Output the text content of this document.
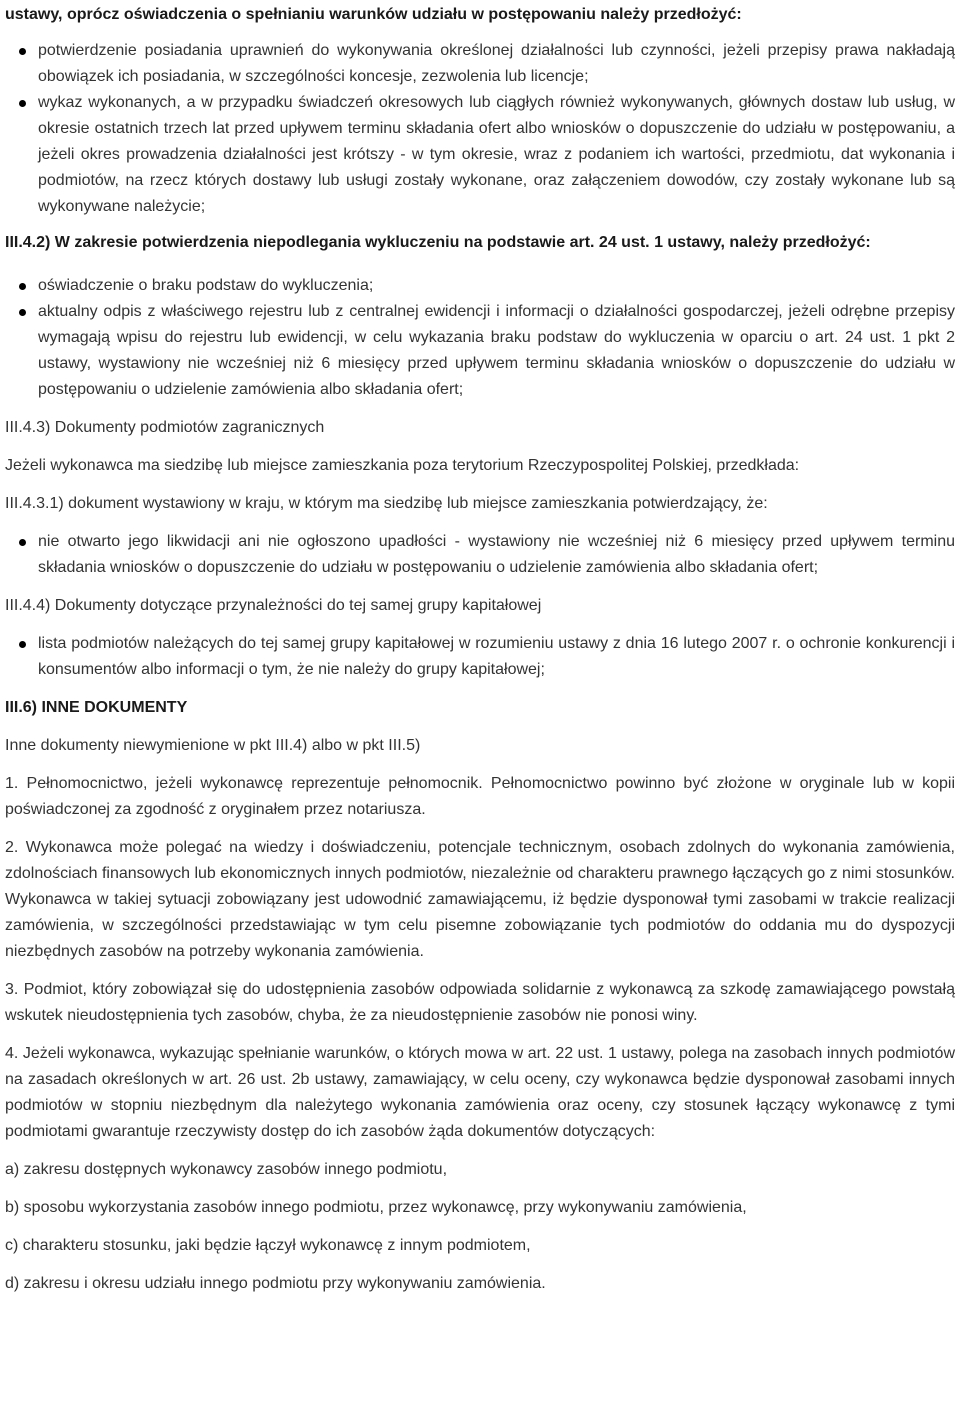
ustawy, oprócz oświadczenia o spełnianiu warunków udziału w postępowaniu należy przedłożyć:

potwierdzenie posiadania uprawnień do wykonywania określonej działalności lub czynności, jeżeli przepisy prawa nakładają obowiązek ich posiadania, w szczególności koncesje, zezwolenia lub licencje;
wykaz wykonanych, a w przypadku świadczeń okresowych lub ciągłych również wykonywanych, głównych dostaw lub usług, w okresie ostatnich trzech lat przed upływem terminu składania ofert albo wniosków o dopuszczenie do udziału w postępowaniu, a jeżeli okres prowadzenia działalności jest krótszy - w tym okresie, wraz z podaniem ich wartości, przedmiotu, dat wykonania i podmiotów, na rzecz których dostawy lub usługi zostały wykonane, oraz załączeniem dowodów, czy zostały wykonane lub są wykonywane należycie;

III.4.2) W zakresie potwierdzenia niepodlegania wykluczeniu na podstawie art. 24 ust. 1 ustawy, należy przedłożyć:

oświadczenie o braku podstaw do wykluczenia;
aktualny odpis z właściwego rejestru lub z centralnej ewidencji i informacji o działalności gospodarczej, jeżeli odrębne przepisy wymagają wpisu do rejestru lub ewidencji, w celu wykazania braku podstaw do wykluczenia w oparciu o art. 24 ust. 1 pkt 2 ustawy, wystawiony nie wcześniej niż 6 miesięcy przed upływem terminu składania wniosków o dopuszczenie do udziału w postępowaniu o udzielenie zamówienia albo składania ofert;

III.4.3) Dokumenty podmiotów zagranicznych

Jeżeli wykonawca ma siedzibę lub miejsce zamieszkania poza terytorium Rzeczypospolitej Polskiej, przedkłada:

III.4.3.1) dokument wystawiony w kraju, w którym ma siedzibę lub miejsce zamieszkania potwierdzający, że:

nie otwarto jego likwidacji ani nie ogłoszono upadłości - wystawiony nie wcześniej niż 6 miesięcy przed upływem terminu składania wniosków o dopuszczenie do udziału w postępowaniu o udzielenie zamówienia albo składania ofert;

III.4.4) Dokumenty dotyczące przynależności do tej samej grupy kapitałowej

lista podmiotów należących do tej samej grupy kapitałowej w rozumieniu ustawy z dnia 16 lutego 2007 r. o ochronie konkurencji i konsumentów albo informacji o tym, że nie należy do grupy kapitałowej;

III.6) INNE DOKUMENTY

Inne dokumenty niewymienione w pkt III.4) albo w pkt III.5)

1. Pełnomocnictwo, jeżeli wykonawcę reprezentuje pełnomocnik. Pełnomocnictwo powinno być złożone w oryginale lub w kopii poświadczonej za zgodność z oryginałem przez notariusza.

2. Wykonawca może polegać na wiedzy i doświadczeniu, potencjale technicznym, osobach zdolnych do wykonania zamówienia, zdolnościach finansowych lub ekonomicznych innych podmiotów, niezależnie od charakteru prawnego łączących go z nimi stosunków. Wykonawca w takiej sytuacji zobowiązany jest udowodnić zamawiającemu, iż będzie dysponował tymi zasobami w trakcie realizacji zamówienia, w szczególności przedstawiając w tym celu pisemne zobowiązanie tych podmiotów do oddania mu do dyspozycji niezbędnych zasobów na potrzeby wykonania zamówienia.

3. Podmiot, który zobowiązał się do udostępnienia zasobów odpowiada solidarnie z wykonawcą za szkodę zamawiającego powstałą wskutek nieudostępnienia tych zasobów, chyba, że za nieudostępnienie zasobów nie ponosi winy.

4. Jeżeli wykonawca, wykazując spełnianie warunków, o których mowa w art. 22 ust. 1 ustawy, polega na zasobach innych podmiotów na zasadach określonych w art. 26 ust. 2b ustawy, zamawiający, w celu oceny, czy wykonawca będzie dysponował zasobami innych podmiotów w stopniu niezbędnym dla należytego wykonania zamówienia oraz oceny, czy stosunek łączący wykonawcę z tymi podmiotami gwarantuje rzeczywisty dostęp do ich zasobów żąda dokumentów dotyczących:

a) zakresu dostępnych wykonawcy zasobów innego podmiotu,

b) sposobu wykorzystania zasobów innego podmiotu, przez wykonawcę, przy wykonywaniu zamówienia,

c) charakteru stosunku, jaki będzie łączył wykonawcę z innym podmiotem,

d) zakresu i okresu udziału innego podmiotu przy wykonywaniu zamówienia.
